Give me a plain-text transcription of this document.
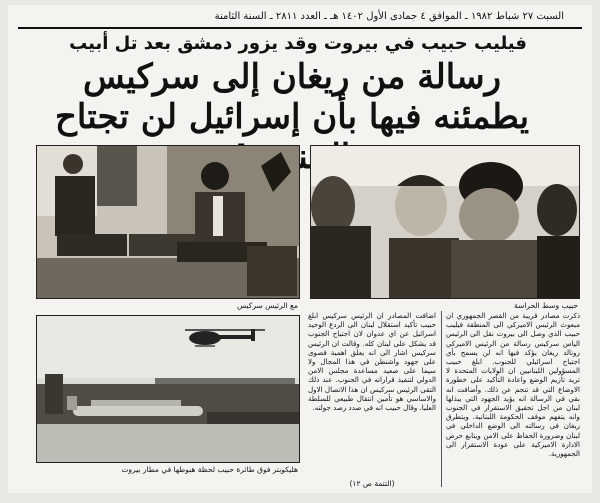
السبت ٢٧ شباط ١٩٨٢ ـ الموافق ٤ جمادى الأول ١٤٠٢ هـ ـ العدد ٢٨١١ ـ السنة الثامنة
فيليب حبيب في بيروت وقد يزور دمشق بعد تل أبيب
رسالة من ريغان إلى سركيس
يطمئنه فيها بأن إسرائيل لن تجتاح
مع الرئيس سركيس	حبيب وسط الحراسة
هليكوبتر فوق طائرة حبيب لحظة هبوطها في مطار بيروت
ذكرت مصادر قريبة من القصر الجمهوري ان مبعوث الرئيس الاميركي الى المنطقة فيليب حبيب الذي وصل الى بيروت نقل الى الرئيس الياس سركيس رسالة من الرئيس الاميركي رونالد ريغان يؤكد فيها انه لن يسمح بأي اجتياح اسرائيلي للجنوب. ابلغ حبيب المسؤولين اللبنانيين ان الولايات المتحدة لا تريد تأزيم الوضع واعادة التأكيد على خطورة الاوضاع التي قد تنجم عن ذلك. وأضافت انه بقي في الرسالة انه يؤيد الجهود التي يبذلها لبنان من اجل تحقيق الاستقرار في الجنوب وانه يتفهم موقف الحكومة اللبنانية. ويتطرق ريغان في رسالته الى الوضع الداخلي في لبنان وضرورة الحفاظ على الامن ويتابع حرص الادارة الاميركية على عودة الاستقرار الى الجمهورية.
اضافت المصادر ان الرئيس سركيس ابلغ حبيب تأكيد استقلال لبنان الى الردع الوحيد اسرائيل عن اي عدوان لان اجتياح الجنوب قد يشكل على لبنان كله. وقالت ان الرئيس سركيس اشار الى انه يعلق اهمية قصوى على جهود واشنطن في هذا المجال ولا سيما على صعيد مساعدة مجلس الامن الدولي لتنفيذ قراراته في الجنوب. عند ذلك التقى الرئيس سركيس ان هذا الاتصال الاول والاساسي هو تأمين انتقال طبيعي للسلطة العليا. وقال حبيب انه في صدد رصد جولته.
(التتمة ص ١٢)
